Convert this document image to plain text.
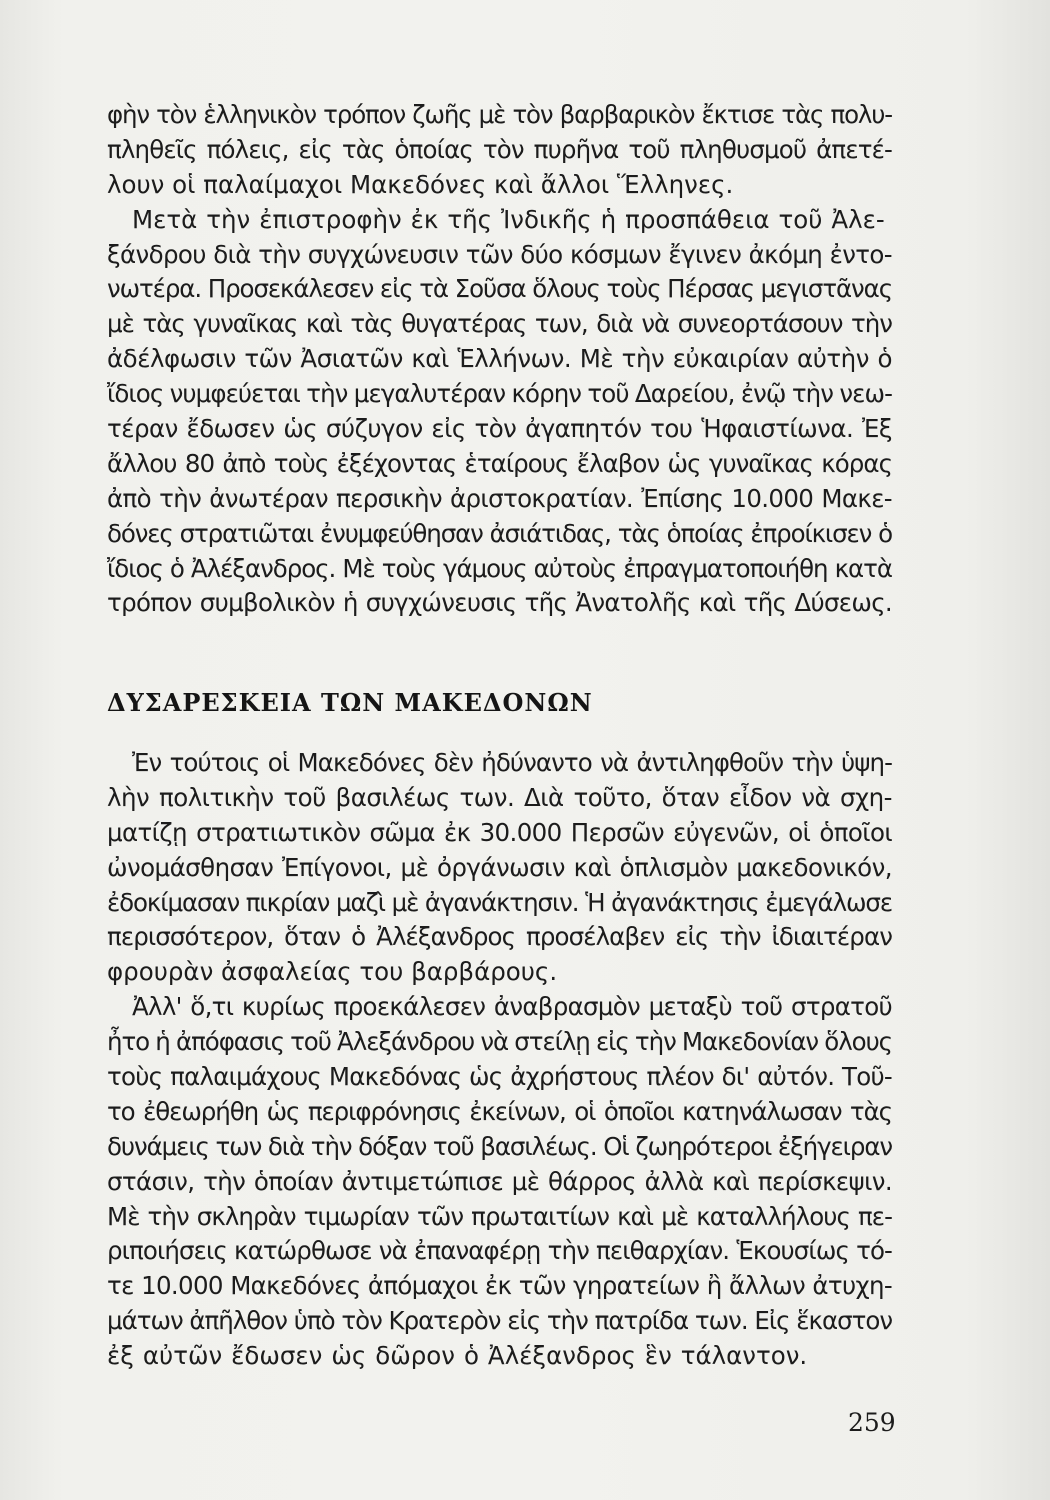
φὴν τὸν ἑλληνικὸν τρόπον ζωῆς μὲ τὸν βαρβαρικὸν ἔκτισε τὰς πολυ-
πληθεῖς πόλεις, εἰς τὰς ὁποίας τὸν πυρῆνα τοῦ πληθυσμοῦ ἀπετέ-
λουν οἱ παλαίμαχοι Μακεδόνες καὶ ἄλλοι Ἕλληνες.
Μετὰ τὴν ἐπιστροφὴν ἐκ τῆς Ἰνδικῆς ἡ προσπάθεια τοῦ Ἀλε-
ξάνδρου διὰ τὴν συγχώνευσιν τῶν δύο κόσμων ἔγινεν ἀκόμη ἐντο-
νωτέρα. Προσεκάλεσεν εἰς τὰ Σοῦσα ὅλους τοὺς Πέρσας μεγιστᾶνας
μὲ τὰς γυναῖκας καὶ τὰς θυγατέρας των, διὰ νὰ συνεορτάσουν τὴν
ἀδέλφωσιν τῶν Ἀσιατῶν καὶ Ἑλλήνων. Μὲ τὴν εὐκαιρίαν αὐτὴν ὁ
ἴδιος νυμφεύεται τὴν μεγαλυτέραν κόρην τοῦ Δαρείου, ἐνῷ τὴν νεω-
τέραν ἔδωσεν ὡς σύζυγον εἰς τὸν ἀγαπητόν του Ἡφαιστίωνα. Ἐξ
ἄλλου 80 ἀπὸ τοὺς ἐξέχοντας ἑταίρους ἔλαβον ὡς γυναῖκας κόρας
ἀπὸ τὴν ἀνωτέραν περσικὴν ἀριστοκρατίαν. Ἐπίσης 10.000 Μακε-
δόνες στρατιῶται ἐνυμφεύθησαν ἀσιάτιδας, τὰς ὁποίας ἐπροίκισεν ὁ
ἴδιος ὁ Ἀλέξανδρος. Μὲ τοὺς γάμους αὐτοὺς ἐπραγματοποιήθη κατὰ
τρόπον συμβολικὸν ἡ συγχώνευσις τῆς Ἀνατολῆς καὶ τῆς Δύσεως.
ΔΥΣΑΡΕΣΚΕΙΑ ΤΩΝ ΜΑΚΕΔΟΝΩΝ
Ἐν τούτοις οἱ Μακεδόνες δὲν ἠδύναντο νὰ ἀντιληφθοῦν τὴν ὑψη-
λὴν πολιτικὴν τοῦ βασιλέως των. Διὰ τοῦτο, ὅταν εἶδον νὰ σχη-
ματίζῃ στρατιωτικὸν σῶμα ἐκ 30.000 Περσῶν εὐγενῶν, οἱ ὁποῖοι
ὠνομάσθησαν Ἐπίγονοι, μὲ ὀργάνωσιν καὶ ὁπλισμὸν μακεδονικόν,
ἐδοκίμασαν πικρίαν μαζὶ μὲ ἀγανάκτησιν. Ἡ ἀγανάκτησις ἐμεγάλωσε
περισσότερον, ὅταν ὁ Ἀλέξανδρος προσέλαβεν εἰς τὴν ἰδιαιτέραν
φρουρὰν ἀσφαλείας του βαρβάρους.
Ἀλλ' ὅ,τι κυρίως προεκάλεσεν ἀναβρασμὸν μεταξὺ τοῦ στρατοῦ
ἦτο ἡ ἀπόφασις τοῦ Ἀλεξάνδρου νὰ στείλῃ εἰς τὴν Μακεδονίαν ὅλους
τοὺς παλαιμάχους Μακεδόνας ὡς ἀχρήστους πλέον δι' αὐτόν. Τοῦ-
το ἐθεωρήθη ὡς περιφρόνησις ἐκείνων, οἱ ὁποῖοι κατηνάλωσαν τὰς
δυνάμεις των διὰ τὴν δόξαν τοῦ βασιλέως. Οἱ ζωηρότεροι ἐξήγειραν
στάσιν, τὴν ὁποίαν ἀντιμετώπισε μὲ θάρρος ἀλλὰ καὶ περίσκεψιν.
Μὲ τὴν σκληρὰν τιμωρίαν τῶν πρωταιτίων καὶ μὲ καταλλήλους πε-
ριποιήσεις κατώρθωσε νὰ ἐπαναφέρῃ τὴν πειθαρχίαν. Ἑκουσίως τό-
τε 10.000 Μακεδόνες ἀπόμαχοι ἐκ τῶν γηρατείων ἢ ἄλλων ἀτυχη-
μάτων ἀπῆλθον ὑπὸ τὸν Κρατερὸν εἰς τὴν πατρίδα των. Εἰς ἕκαστον
ἐξ αὐτῶν ἔδωσεν ὡς δῶρον ὁ Ἀλέξανδρος ἓν τάλαντον.
259
